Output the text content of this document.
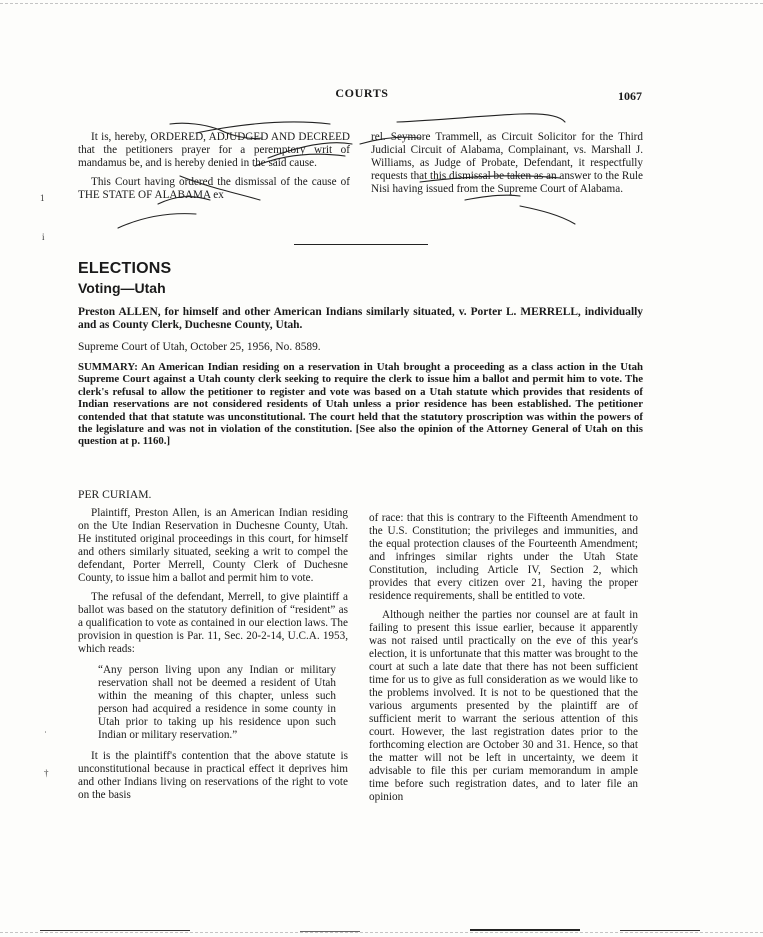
COURTS	1067

It is, hereby, ORDERED, ADJUDGED AND DECREED that the petitioners prayer for a peremptory writ of mandamus be, and is hereby denied in the said cause.

This Court having ordered the dismissal of the cause of THE STATE OF ALABAMA ex

rel. Seymore Trammell, as Circuit Solicitor for the Third Judicial Circuit of Alabama, Complainant, vs. Marshall J. Williams, as Judge of Probate, Defendant, it respectfully requests that this dismissal be taken as an answer to the Rule Nisi having issued from the Supreme Court of Alabama.

ELECTIONS
Voting—Utah
Preston ALLEN, for himself and other American Indians similarly situated, v. Porter L. MERRELL, individually and as County Clerk, Duchesne County, Utah.
Supreme Court of Utah, October 25, 1956, No. 8589.
SUMMARY: An American Indian residing on a reservation in Utah brought a proceeding as a class action in the Utah Supreme Court against a Utah county clerk seeking to require the clerk to issue him a ballot and permit him to vote. The clerk's refusal to allow the petitioner to register and vote was based on a Utah statute which provides that residents of Indian reservations are not considered residents of Utah unless a prior residence has been established. The petitioner contended that that statute was unconstitutional. The court held that the statutory proscription was within the powers of the legislature and was not in violation of the constitution. [See also the opinion of the Attorney General of Utah on this question at p. 1160.]
PER CURIAM.

Plaintiff, Preston Allen, is an American Indian residing on the Ute Indian Reservation in Duchesne County, Utah. He instituted original proceedings in this court, for himself and others similarly situated, seeking a writ to compel the defendant, Porter Merrell, County Clerk of Duchesne County, to issue him a ballot and permit him to vote.

The refusal of the defendant, Merrell, to give plaintiff a ballot was based on the statutory definition of “resident” as a qualification to vote as contained in our election laws. The provision in question is Par. 11, Sec. 20-2-14, U.C.A. 1953, which reads:

“Any person living upon any Indian or military reservation shall not be deemed a resident of Utah within the meaning of this chapter, unless such person had acquired a residence in some county in Utah prior to taking up his residence upon such Indian or military reservation.”

It is the plaintiff's contention that the above statute is unconstitutional because in practical effect it deprives him and other Indians living on reservations of the right to vote on the basis

of race: that this is contrary to the Fifteenth Amendment to the U.S. Constitution; the privileges and immunities, and the equal protection clauses of the Fourteenth Amendment; and infringes similar rights under the Utah State Constitution, including Article IV, Section 2, which provides that every citizen over 21, having the proper residence requirements, shall be entitled to vote.

Although neither the parties nor counsel are at fault in failing to present this issue earlier, because it apparently was not raised until practically on the eve of this year's election, it is unfortunate that this matter was brought to the court at such a late date that there has not been sufficient time for us to give as full consideration as we would like to the problems involved. It is not to be questioned that the various arguments presented by the plaintiff are of sufficient merit to warrant the serious attention of this court. However, the last registration dates prior to the forthcoming election are October 30 and 31. Hence, so that the matter will not be left in uncertainty, we deem it advisable to file this per curiam memorandum in ample time before such registration dates, and to later file an opinion

1
i
˙
†
